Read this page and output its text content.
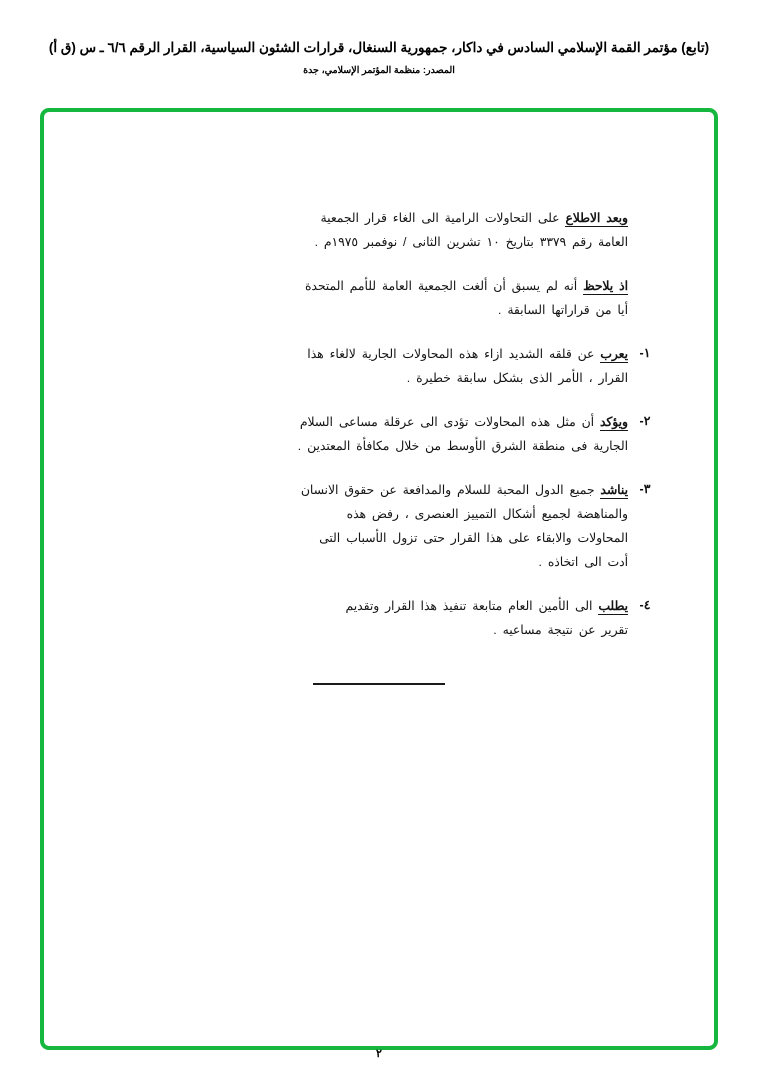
(تابع) مؤتمر القمة الإسلامي السادس في داكار، جمهورية السنغال، قرارات الشئون السياسية، القرار الرقم ٦/٦ ـ س (ق أ)
المصدر: منظمة المؤتمر الإسلامي، جدة
وبعد الاطلاع على التحاولات الرامية الى الغاء قرار الجمعية
العامة رقم ٣٣٧٩ بتاريخ ١٠ تشرين الثانى / نوفمبر ١٩٧٥م .
اذ يلاحظ أنه لم يسبق أن ألغت الجمعية العامة للأمم المتحدة
أيا من قراراتها السابقة .
١-
يعرب عن قلقه الشديد ازاء هذه المحاولات الجارية لالغاء هذا
القرار ، الأمر الذى بشكل سابقة خطيرة .
٢-
ويؤكد أن مثل هذه المحاولات تؤدى الى عرقلة مساعى السلام
الجارية فى منطقة الشرق الأوسط من خلال مكافأة المعتدين .
٣-
يناشد جميع الدول المحبة للسلام والمدافعة عن حقوق الانسان
والمناهضة لجميع أشكال التمييز العنصرى ، رفض هذه
المحاولات والابقاء على هذا القرار حتى تزول الأسباب التى
أدت الى اتخاذه .
٤-
يطلب الى الأمين العام متابعة تنفيذ هذا القرار وتقديم
تقرير عن نتيجة مساعيه .
٢
